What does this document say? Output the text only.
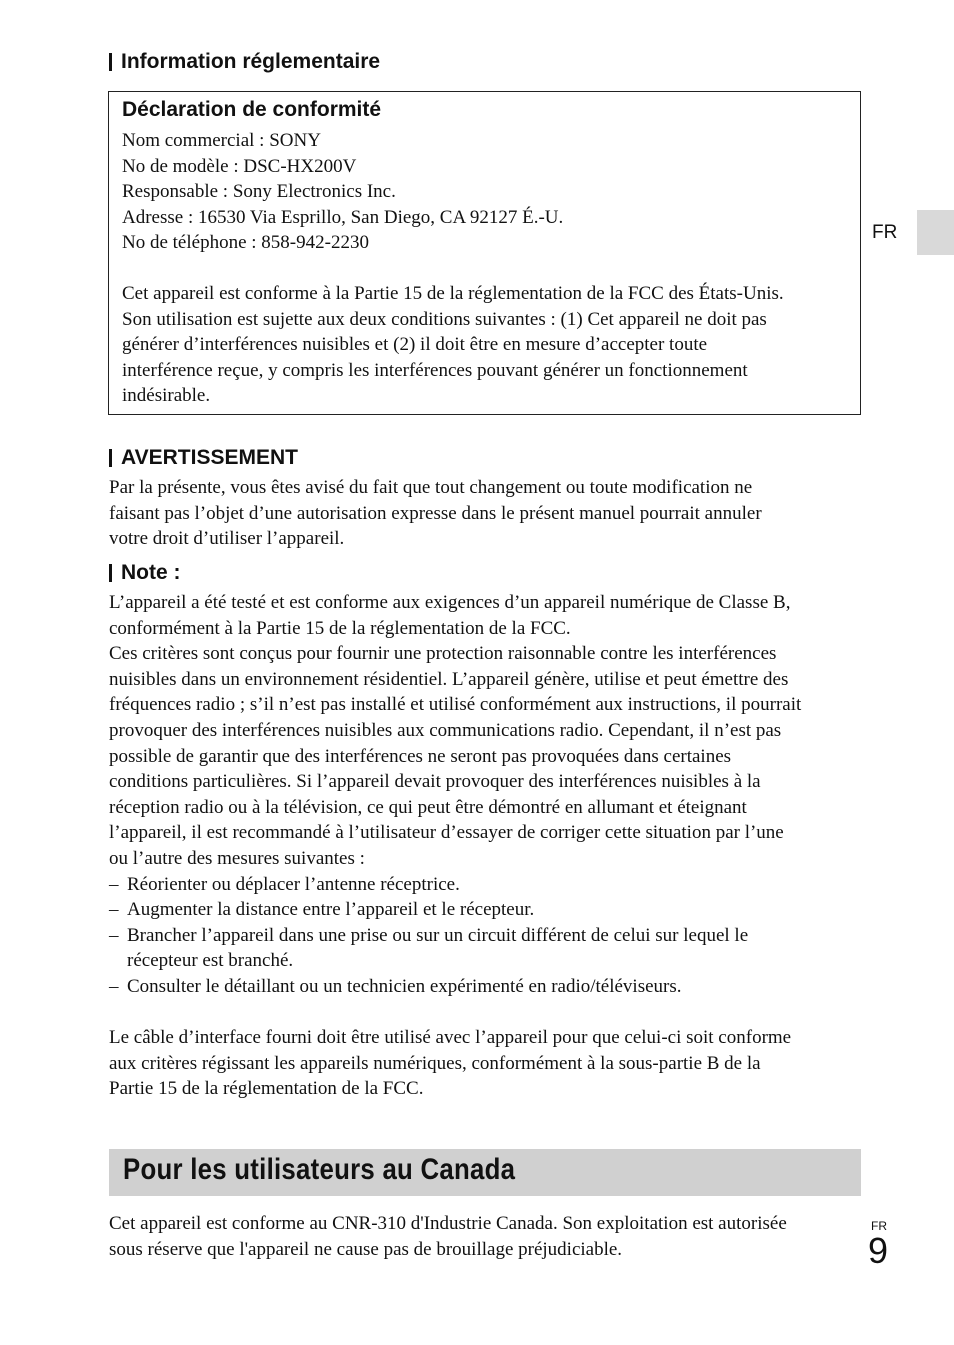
Information réglementaire
Déclaration de conformité
Nom commercial : SONY
No de modèle : DSC-HX200V
Responsable : Sony Electronics Inc.
Adresse : 16530 Via Esprillo, San Diego, CA 92127 É.-U.
No de téléphone : 858-942-2230
Cet appareil est conforme à la Partie 15 de la réglementation de la FCC des États-Unis.
Son utilisation est sujette aux deux conditions suivantes : (1) Cet appareil ne doit pas
générer d’interférences nuisibles et (2) il doit être en mesure d’accepter toute
interférence reçue, y compris les interférences pouvant générer un fonctionnement
indésirable.
FR
AVERTISSEMENT
Par la présente, vous êtes avisé du fait que tout changement ou toute modification ne
faisant pas l’objet d’une autorisation expresse dans le présent manuel pourrait annuler
votre droit d’utiliser l’appareil.
Note :
L’appareil a été testé et est conforme aux exigences d’un appareil numérique de Classe B,
conformément à la Partie 15 de la réglementation de la FCC.
Ces critères sont conçus pour fournir une protection raisonnable contre les interférences
nuisibles dans un environnement résidentiel. L’appareil génère, utilise et peut émettre des
fréquences radio ; s’il n’est pas installé et utilisé conformément aux instructions, il pourrait
provoquer des interférences nuisibles aux communications radio. Cependant, il n’est pas
possible de garantir que des interférences ne seront pas provoquées dans certaines
conditions particulières. Si l’appareil devait provoquer des interférences nuisibles à la
réception radio ou à la télévision, ce qui peut être démontré en allumant et éteignant
l’appareil, il est recommandé à l’utilisateur d’essayer de corriger cette situation par l’une
ou l’autre des mesures suivantes :
– Réorienter ou déplacer l’antenne réceptrice.
– Augmenter la distance entre l’appareil et le récepteur.
– Brancher l’appareil dans une prise ou sur un circuit différent de celui sur lequel le
récepteur est branché.
– Consulter le détaillant ou un technicien expérimenté en radio/téléviseurs.
Le câble d’interface fourni doit être utilisé avec l’appareil pour que celui-ci soit conforme
aux critères régissant les appareils numériques, conformément à la sous-partie B de la
Partie 15 de la réglementation de la FCC.
Pour les utilisateurs au Canada
Cet appareil est conforme au CNR-310 d'Industrie Canada. Son exploitation est autorisée
sous réserve que l'appareil ne cause pas de brouillage préjudiciable.
FR
9
